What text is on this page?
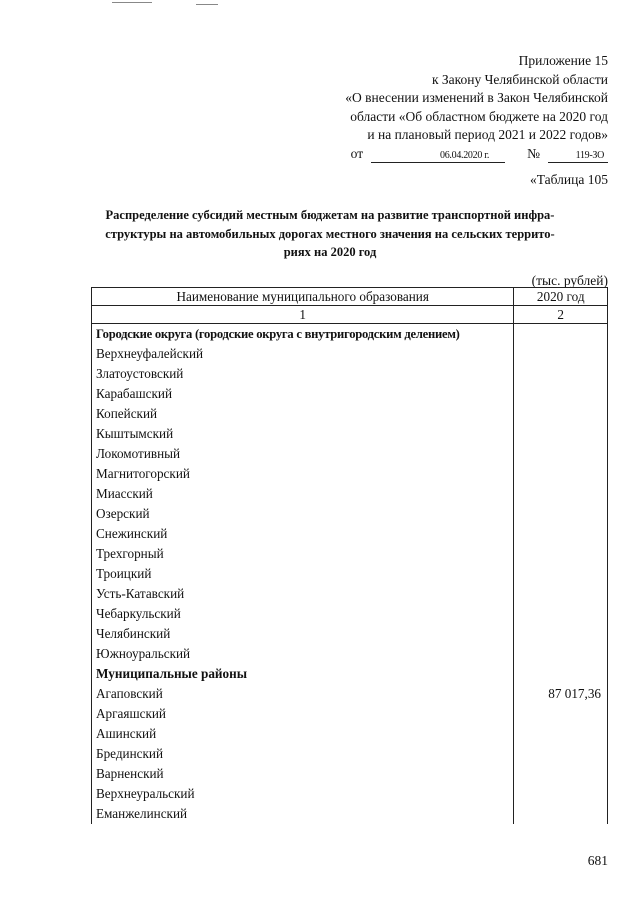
Приложение 15
к Закону Челябинской области
«О внесении изменений в Закон Челябинской
области «Об областном бюджете на 2020 год
и на плановый период 2021 и 2022 годов»
от	06.04.2020 г.	№	119-ЗО
«Таблица 105
Распределение субсидий местным бюджетам на развитие транспортной инфра-
структуры на автомобильных дорогах местного значения на сельских террито-
риях на 2020 год
(тыс. рублей)
Наименование муниципального образования	2020 год
1	2
Городские округа (городские округа с внутригородским делением)	
Верхнеуфалейский	
Златоустовский	
Карабашский	
Копейский	
Кыштымский	
Локомотивный	
Магнитогорский	
Миасский	
Озерский	
Снежинский	
Трехгорный	
Троицкий	
Усть-Катавский	
Чебаркульский	
Челябинский	
Южноуральский	
Муниципальные районы	
Агаповский	87 017,36
Аргаяшский	
Ашинский	
Брединский	
Варненский	
Верхнеуральский	
Еманжелинский	
681
